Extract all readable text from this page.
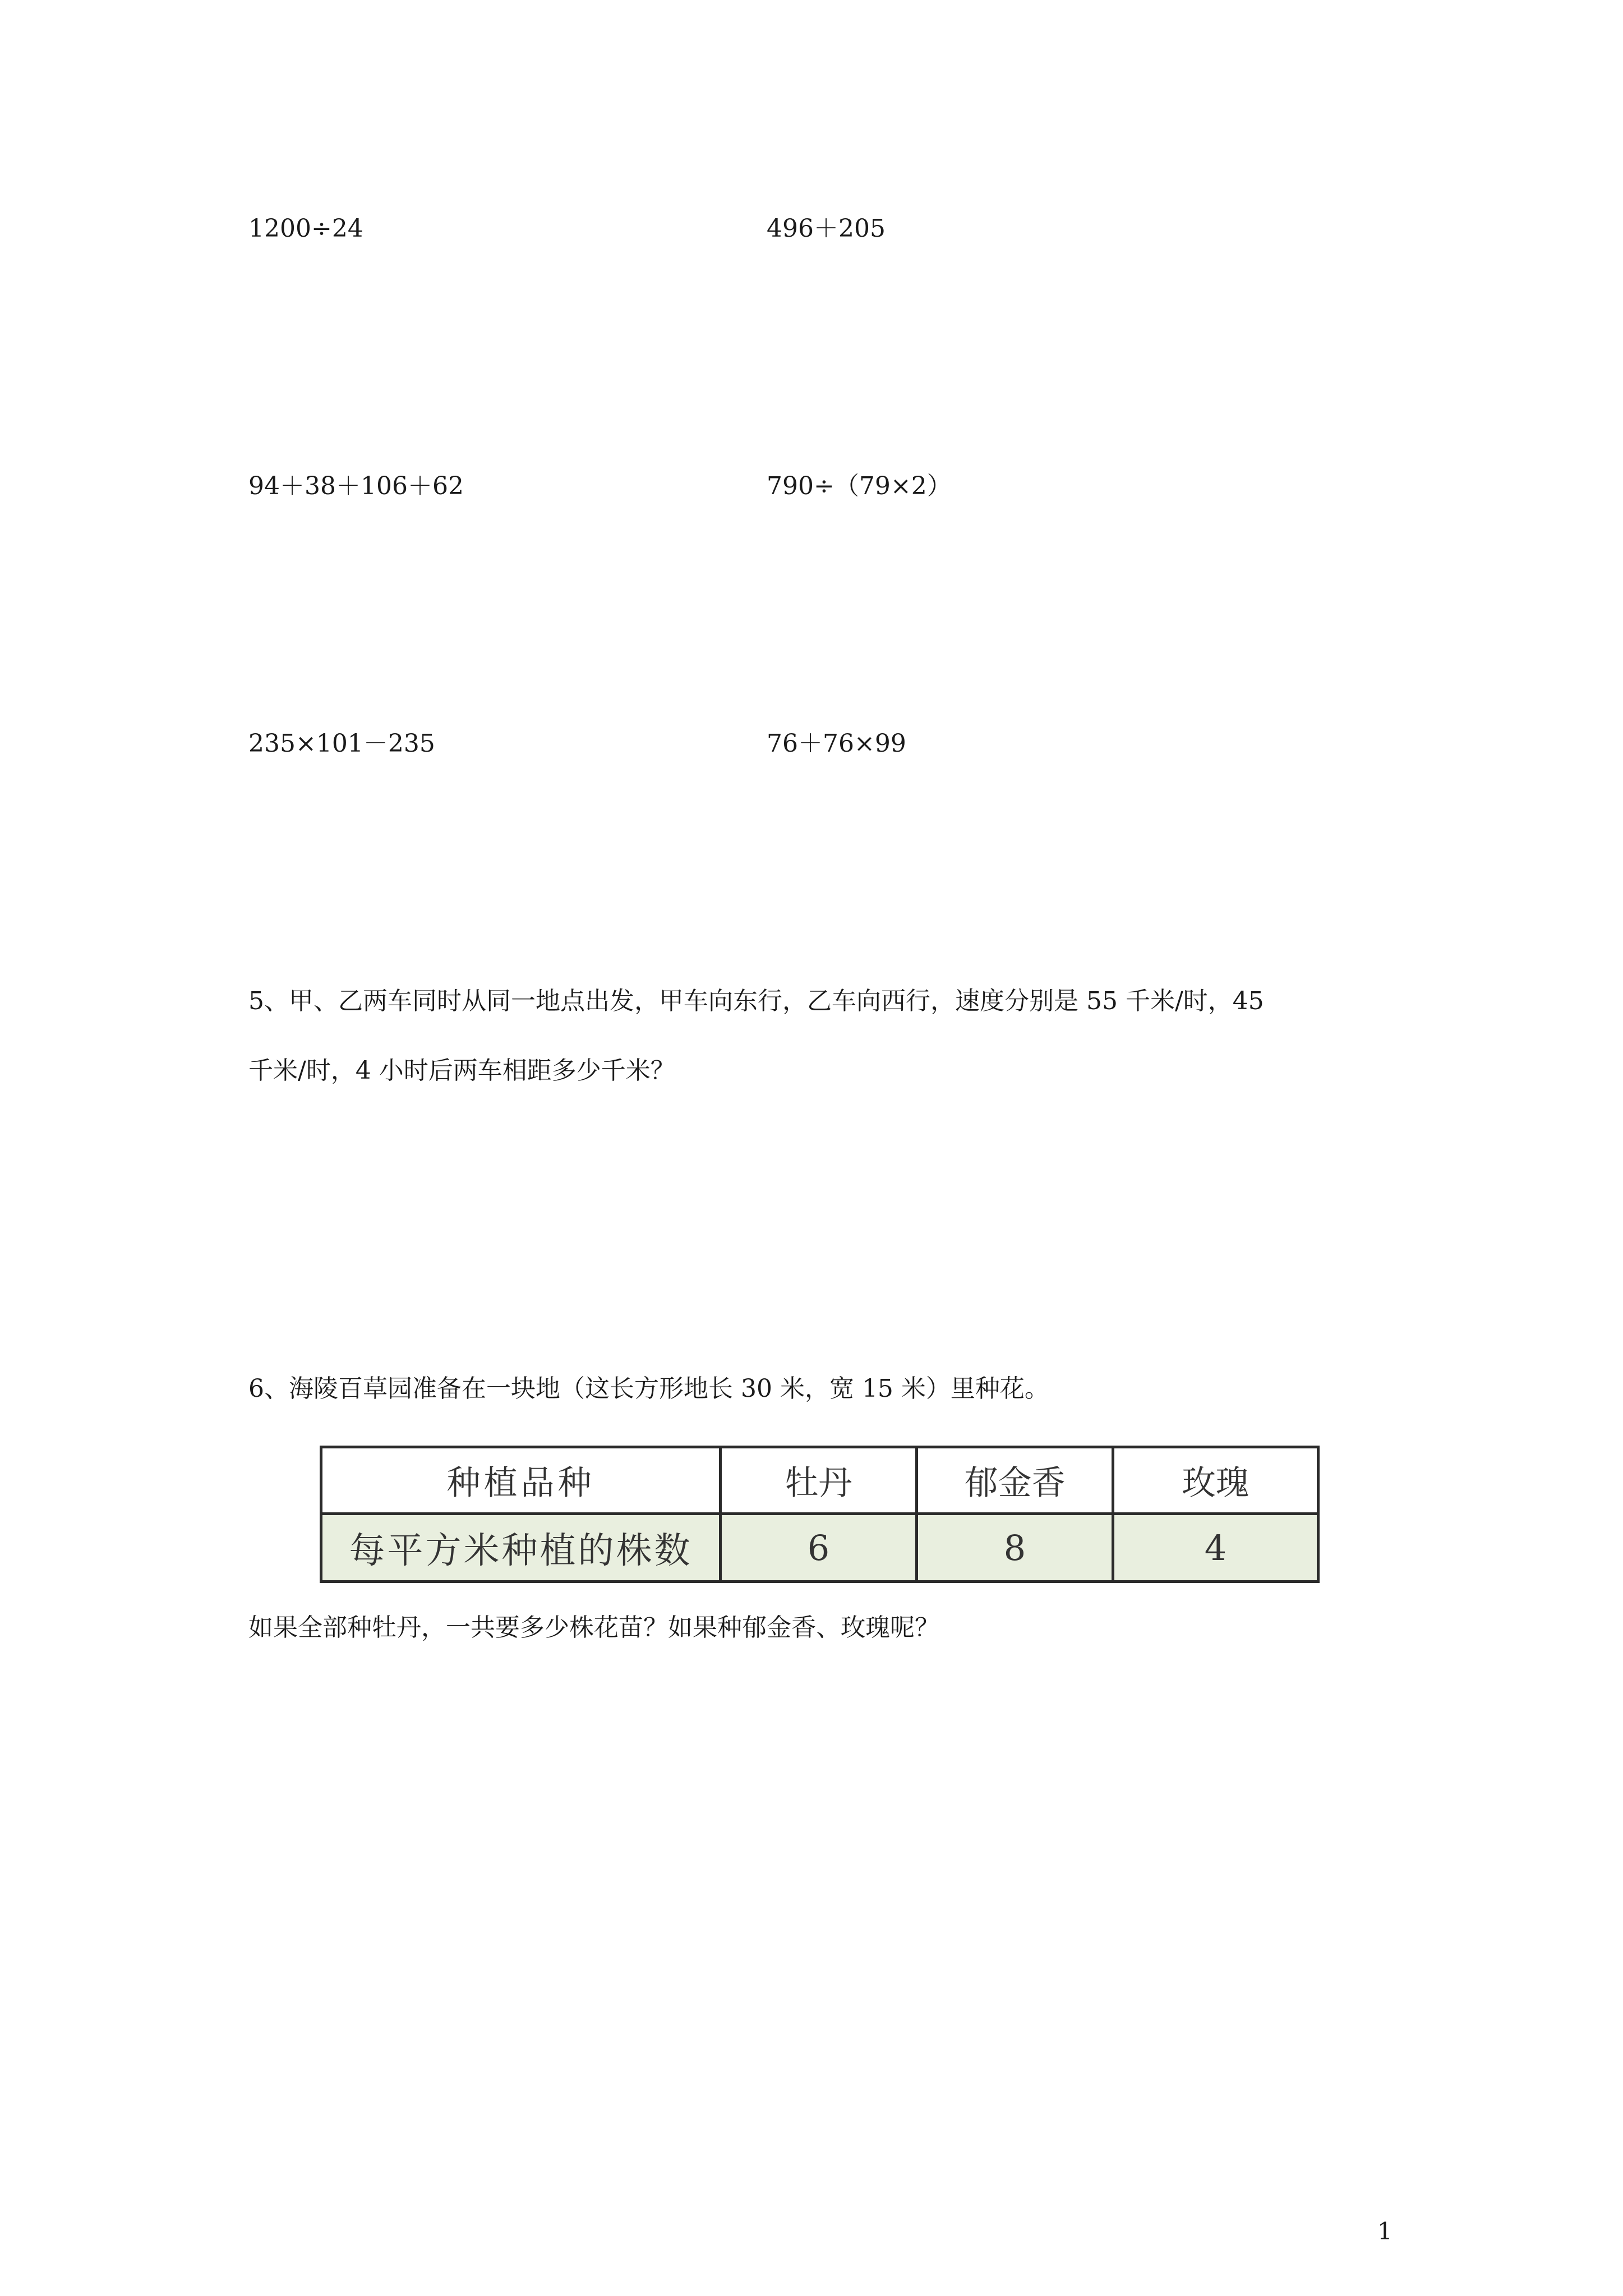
1200÷24	496＋205
94＋38＋106＋62	790÷（79×2）
235×101－235	76＋76×99
5、甲、乙两车同时从同一地点出发，甲车向东行，乙车向西行，速度分别是 55 千米/时，45
千米/时，4 小时后两车相距多少千米？
6、海陵百草园准备在一块地（这长方形地长 30 米，宽 15 米）里种花。
种植品种	牡丹	郁金香	玫瑰
每平方米种植的株数	6	8	4
如果全部种牡丹，一共要多少株花苗？如果种郁金香、玫瑰呢？
1
